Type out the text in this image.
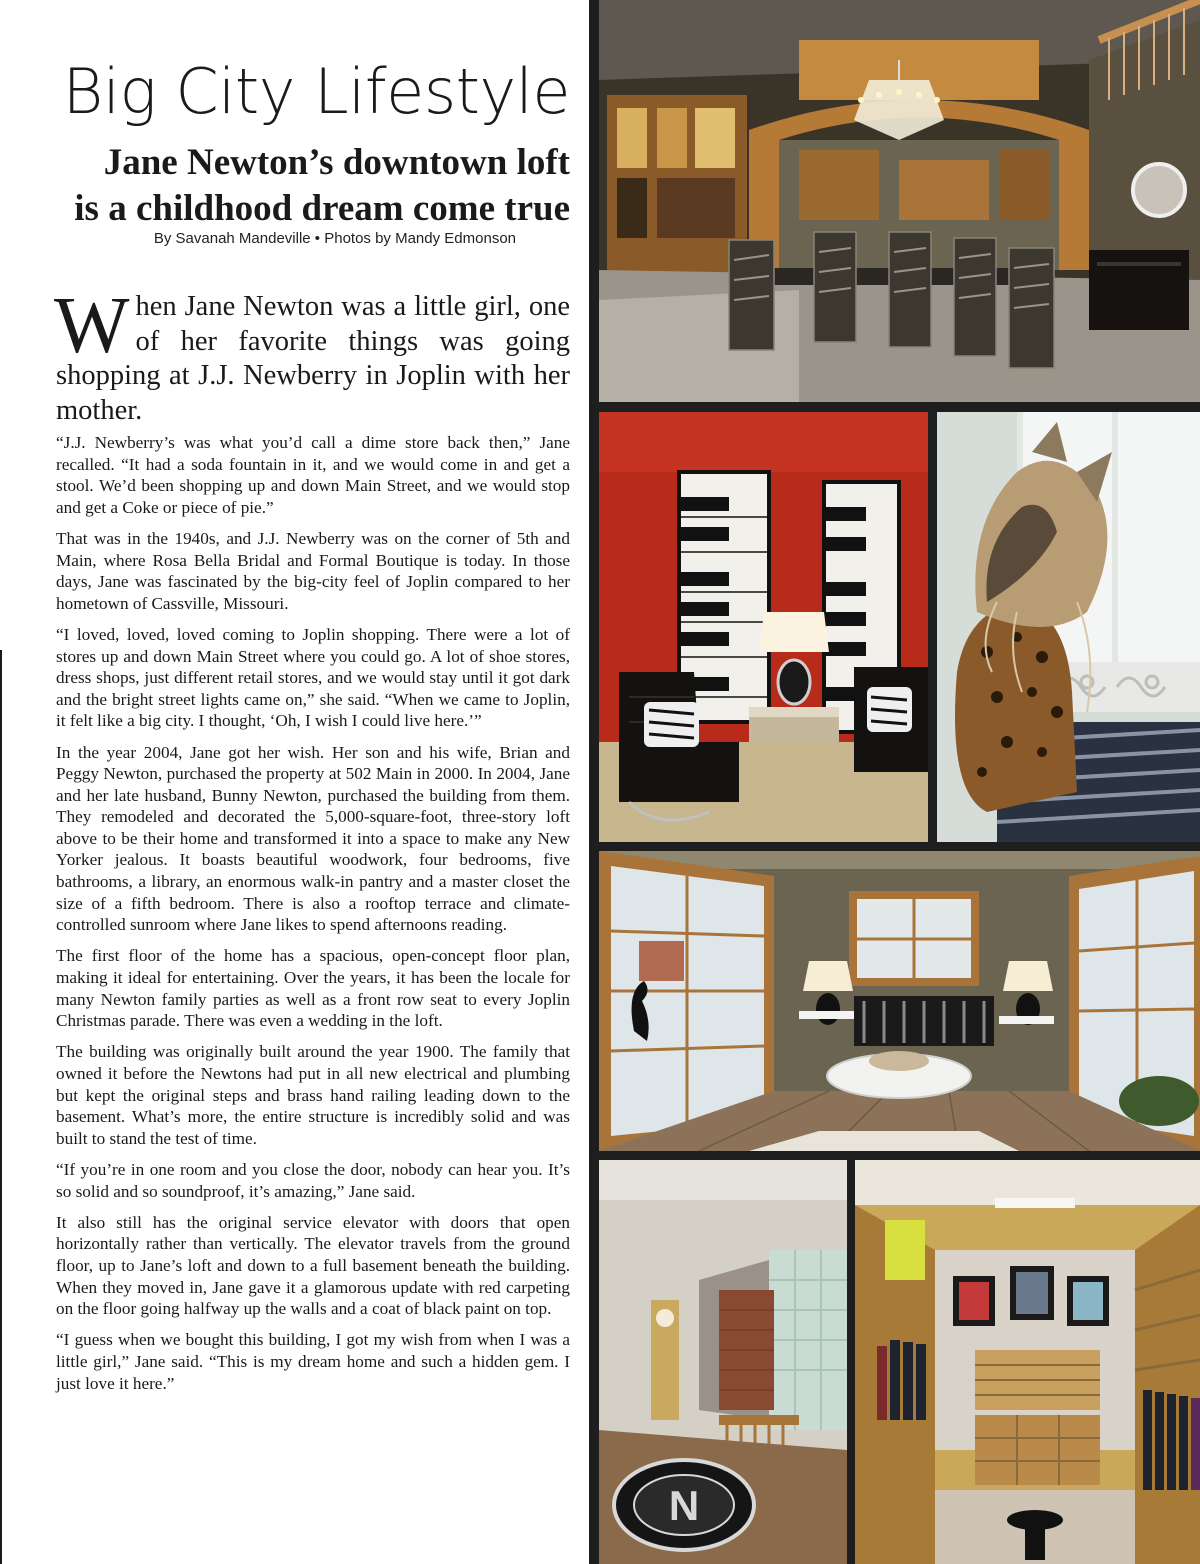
Big City Lifestyle
Jane Newton’s downtown loft
is a childhood dream come true
By Savanah Mandeville • Photos by Mandy Edmonson
When Jane Newton was a little girl, one of her favorite things was going shopping at J.J. Newberry in Joplin with her mother.

“J.J. Newberry’s was what you’d call a dime store back then,” Jane recalled. “It had a soda fountain in it, and we would come in and get a stool. We’d been shopping up and down Main Street, and we would stop and get a Coke or piece of pie.”

That was in the 1940s, and J.J. Newberry was on the corner of 5th and Main, where Rosa Bella Bridal and Formal Boutique is today. In those days, Jane was fascinated by the big-city feel of Joplin compared to her hometown of Cassville, Missouri.

“I loved, loved, loved coming to Joplin shopping. There were a lot of stores up and down Main Street where you could go. A lot of shoe stores, dress shops, just different retail stores, and we would stay until it got dark and the bright street lights came on,” she said. “When we came to Joplin, it felt like a big city. I thought, ‘Oh, I wish I could live here.’”

In the year 2004, Jane got her wish. Her son and his wife, Brian and Peggy Newton, purchased the property at 502 Main in 2000. In 2004, Jane and her late husband, Bunny Newton, purchased the building from them. They remodeled and decorated the 5,000-square-foot, three-story loft above to be their home and transformed it into a space to make any New Yorker jealous. It boasts beautiful woodwork, four bedrooms, five bathrooms, a library, an enormous walk-in pantry and a master closet the size of a fifth bedroom. There is also a rooftop terrace and climate-controlled sunroom where Jane likes to spend afternoons reading.

The first floor of the home has a spacious, open-concept floor plan, making it ideal for entertaining. Over the years, it has been the locale for many Newton family parties as well as a front row seat to every Joplin Christmas parade. There was even a wedding in the loft.

The building was originally built around the year 1900. The family that owned it before the Newtons had put in all new electrical and plumbing but kept the original steps and brass hand railing leading down to the basement. What’s more, the entire structure is incredibly solid and was built to stand the test of time.

“If you’re in one room and you close the door, nobody can hear you. It’s so solid and so soundproof, it’s amazing,” Jane said.

It also still has the original service elevator with doors that open horizontally rather than vertically. The elevator travels from the ground floor, up to Jane’s loft and down to a full basement beneath the building. When they moved in, Jane gave it a glamorous update with red carpeting on the floor going halfway up the walls and a coat of black paint on top.

“I guess when we bought this building, I got my wish from when I was a little girl,” Jane said. “This is my dream home and such a hidden gem. I just love it here.”

N
